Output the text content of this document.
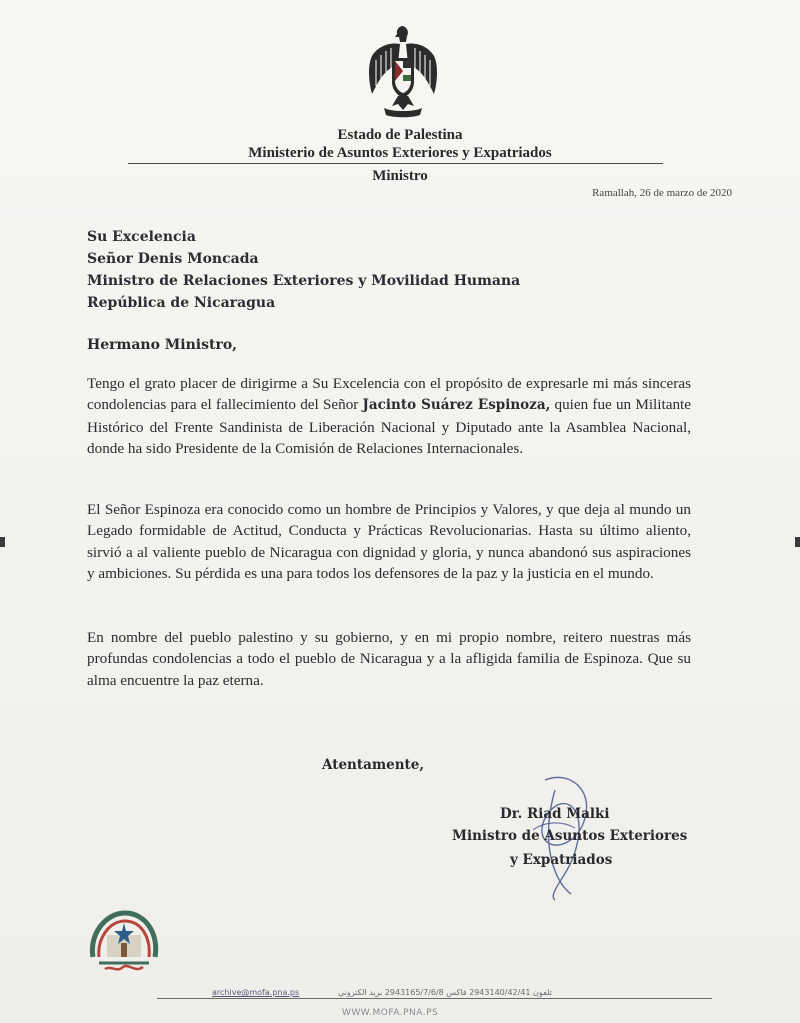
Estado de Palestina
Ministerio de Asuntos Exteriores y Expatriados
Ministro
Ramallah, 26 de marzo de 2020
Su Excelencia
Señor Denis Moncada
Ministro de Relaciones Exteriores y Movilidad Humana
República de Nicaragua
Hermano Ministro,
Tengo el grato placer de dirigirme a Su Excelencia con el propósito de expresarle mi más sinceras condolencias para el fallecimiento del Señor Jacinto Suárez Espinoza, quien fue un Militante Histórico del Frente Sandinista de Liberación Nacional y Diputado ante la Asamblea Nacional, donde ha sido Presidente de la Comisión de Relaciones Internacionales.
El Señor Espinoza era conocido como un hombre de Principios y Valores, y que deja al mundo un Legado formidable de Actitud, Conducta y Prácticas Revolucionarias. Hasta su último aliento, sirvió a al valiente pueblo de Nicaragua con dignidad y gloria, y nunca abandonó sus aspiraciones y ambiciones. Su pérdida es una para todos los defensores de la paz y la justicia en el mundo.
En nombre del pueblo palestino y su gobierno, y en mi propio nombre, reitero nuestras más profundas condolencias a todo el pueblo de Nicaragua y a la afligida familia de Espinoza. Que su alma encuentre la paz eterna.
Atentamente,
Dr. Riad Malki
Ministro de Asuntos Exteriores
y Expatriados
تلفون 2943140/42/41 فاكس 2943165/7/6/8 بريد الكتروني
archive@mofa.pna.ps
WWW.MOFA.PNA.PS
